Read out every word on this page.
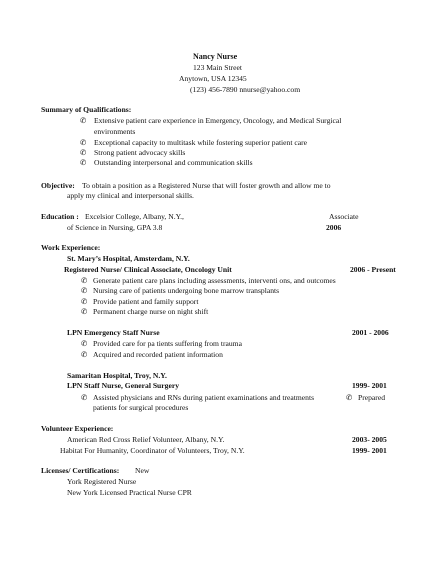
Nancy Nurse
123 Main Street
Anytown, USA 12345
(123) 456-7890 nnurse@yahoo.com
Summary of Qualifications:
✆ Extensive patient care experience in Emergency, Oncology, and Medical Surgical
environments
✆ Exceptional capacity to multitask while fostering superior patient care
✆ Strong patient advocacy skills
✆ Outstanding interpersonal and communication skills
Objective: To obtain a position as a Registered Nurse that will foster growth and allow me to
apply my clinical and interpersonal skills.
Education : Excelsior College, Albany, N.Y.,	Associate
of Science in Nursing, GPA 3.8	2006
Work Experience:
St. Mary’s Hospital, Amsterdam, N.Y.
Registered Nurse/ Clinical Associate, Oncology Unit	2006 - Present
✆ Generate patient care plans including assessments, interventi ons, and outcomes
✆ Nursing care of patients undergoing bone marrow transplants
✆ Provide patient and family support
✆ Permanent charge nurse on night shift
LPN Emergency Staff Nurse	2001 - 2006
✆ Provided care for pa tients suffering from trauma
✆ Acquired and recorded patient information
Samaritan Hospital, Troy, N.Y.
LPN Staff Nurse, General Surgery	1999- 2001
✆ Assisted physicians and RNs during patient examinations and treatments	✆ Prepared
patients for surgical procedures
Volunteer Experience:
American Red Cross Relief Volunteer, Albany, N.Y.	2003- 2005
Habitat For Humanity, Coordinator of Volunteers, Troy, N.Y.	1999- 2001
Licenses/ Certifications: New
York Registered Nurse
New York Licensed Practical Nurse CPR
